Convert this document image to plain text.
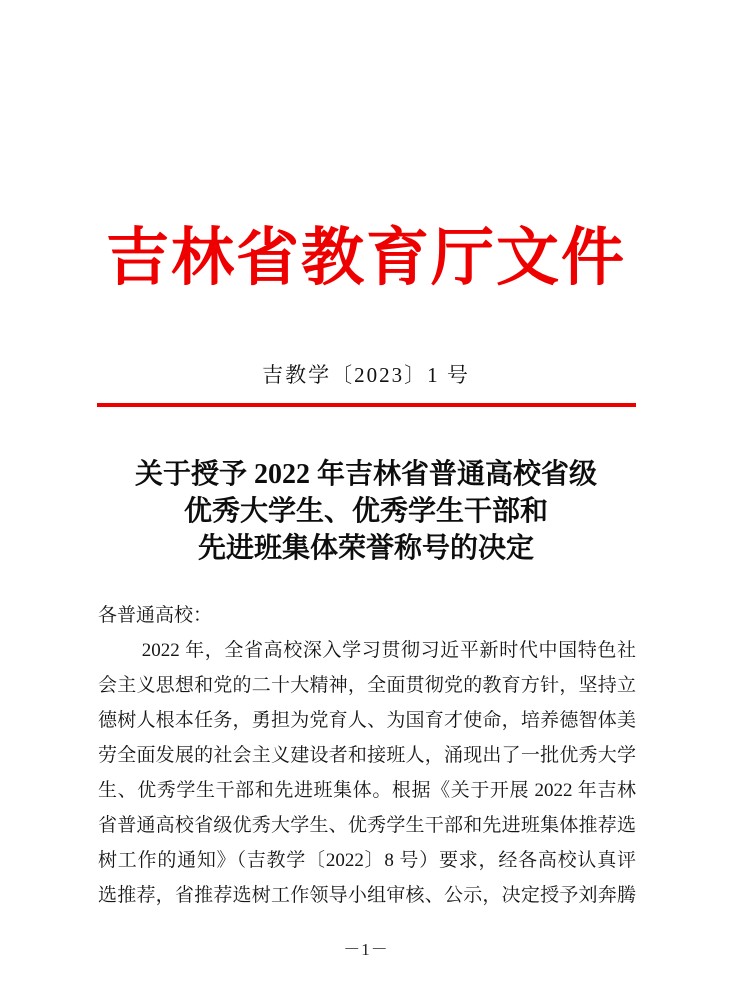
吉林省教育厅文件
吉教学〔2023〕1 号
关于授予 2022 年吉林省普通高校省级
优秀大学生、优秀学生干部和
先进班集体荣誉称号的决定
各普通高校：
2022 年，全省高校深入学习贯彻习近平新时代中国特色社
会主义思想和党的二十大精神，全面贯彻党的教育方针，坚持立
德树人根本任务，勇担为党育人、为国育才使命，培养德智体美
劳全面发展的社会主义建设者和接班人，涌现出了一批优秀大学
生、优秀学生干部和先进班集体。根据《关于开展 2022 年吉林
省普通高校省级优秀大学生、优秀学生干部和先进班集体推荐选
树工作的通知》（吉教学〔2022〕8 号）要求，经各高校认真评
选推荐，省推荐选树工作领导小组审核、公示，决定授予刘奔腾
－1－
